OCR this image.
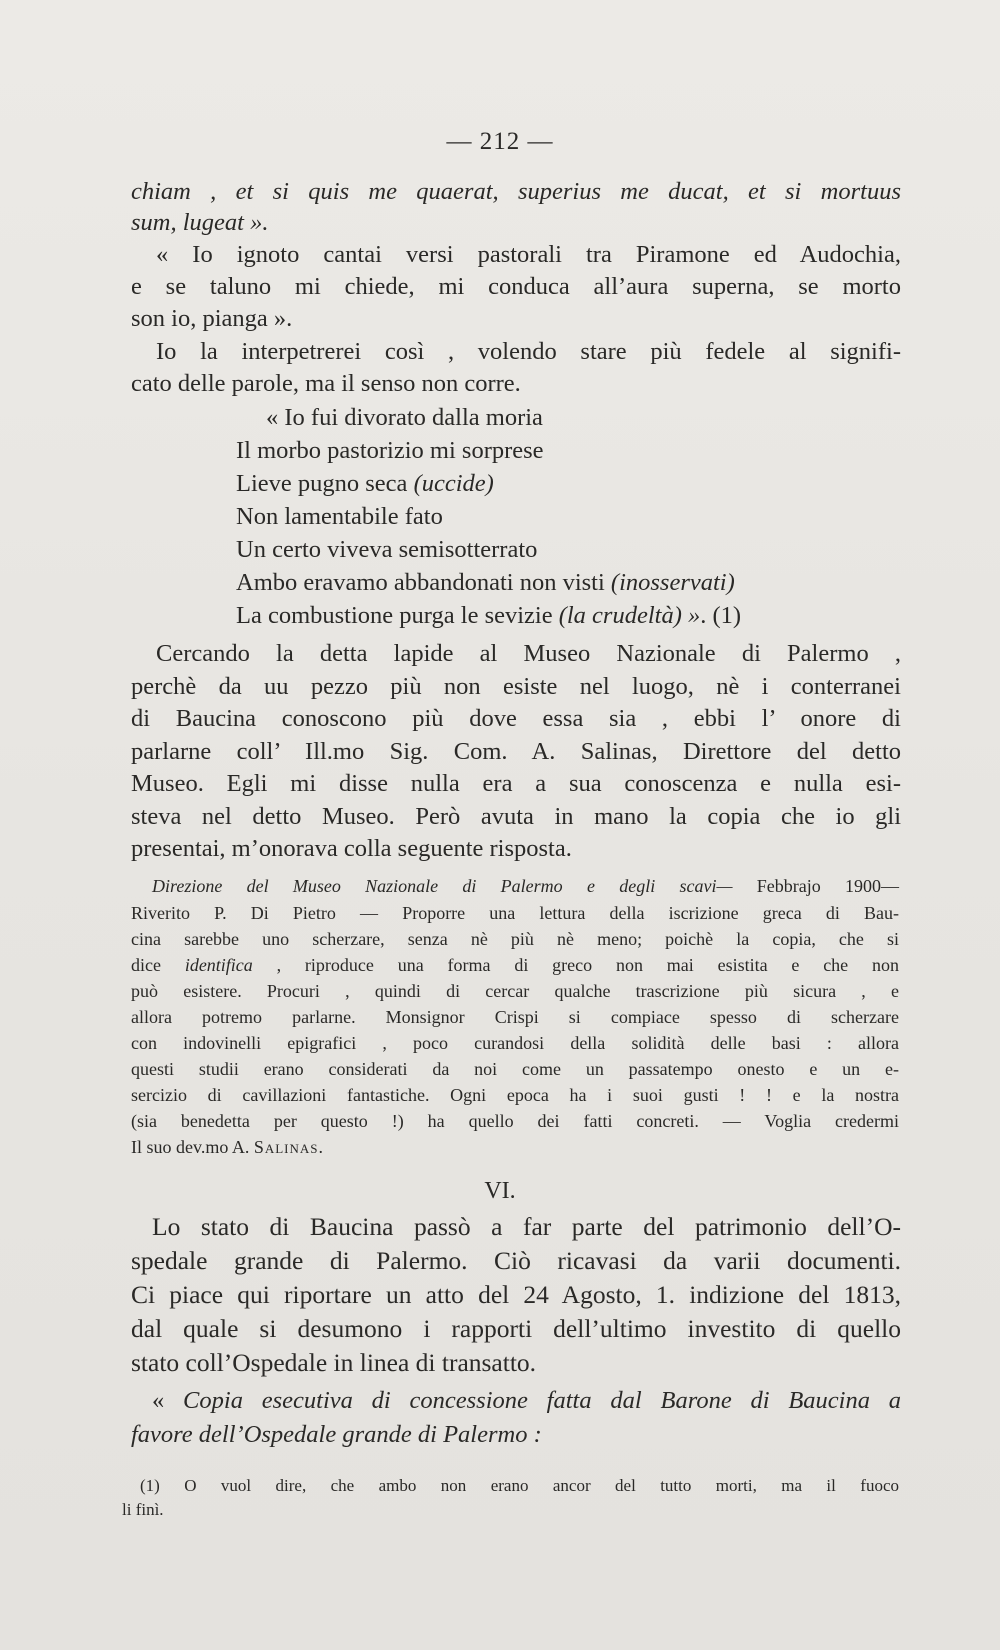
— 212 —
chiam , et si quis me quaerat, superius me ducat, et si mortuus
sum, lugeat ».
« Io ignoto cantai versi pastorali tra Piramone ed Audochia,
e se taluno mi chiede, mi conduca all’aura superna, se morto
son io, pianga ».
Io la interpetrerei così , volendo stare più fedele al signifi-
cato delle parole, ma il senso non corre.
« Io fui divorato dalla moria
Il morbo pastorizio mi sorprese
Lieve pugno seca (uccide)
Non lamentabile fato
Un certo viveva semisotterrato
Ambo eravamo abbandonati non visti (inosservati)
La combustione purga le sevizie (la crudeltà) ». (1)
Cercando la detta lapide al Museo Nazionale di Palermo ,
perchè da uu pezzo più non esiste nel luogo, nè i conterranei
di Baucina conoscono più dove essa sia , ebbi l’ onore di
parlarne coll’ Ill.mo Sig. Com. A. Salinas, Direttore del detto
Museo. Egli mi disse nulla era a sua conoscenza e nulla esi-
steva nel detto Museo. Però avuta in mano la copia che io gli
presentai, m’onorava colla seguente risposta.
Direzione del Museo Nazionale di Palermo e degli scavi— Febbrajo 1900—
Riverito P. Di Pietro — Proporre una lettura della iscrizione greca di Bau-
cina sarebbe uno scherzare, senza nè più nè meno; poichè la copia, che si
dice identifica , riproduce una forma di greco non mai esistita e che non
può esistere. Procuri , quindi di cercar qualche trascrizione più sicura , e
allora potremo parlarne. Monsignor Crispi si compiace spesso di scherzare
con indovinelli epigrafici , poco curandosi della solidità delle basi : allora
questi studii erano considerati da noi come un passatempo onesto e un e-
sercizio di cavillazioni fantastiche. Ogni epoca ha i suoi gusti ! ! e la nostra
(sia benedetta per questo !) ha quello dei fatti concreti. — Voglia credermi
Il suo dev.mo A. Salinas.
VI.
Lo stato di Baucina passò a far parte del patrimonio dell’O-
spedale grande di Palermo. Ciò ricavasi da varii documenti.
Ci piace qui riportare un atto del 24 Agosto, 1. indizione del 1813,
dal quale si desumono i rapporti dell’ultimo investito di quello
stato coll’Ospedale in linea di transatto.
« Copia esecutiva di concessione fatta dal Barone di Baucina a
favore dell’Ospedale grande di Palermo :
(1) O vuol dire, che ambo non erano ancor del tutto morti, ma il fuoco
li finì.
